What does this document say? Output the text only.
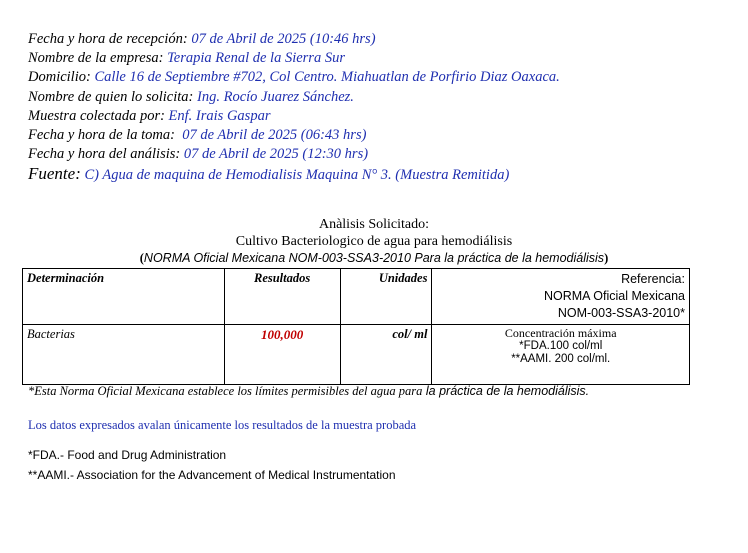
Fecha y hora de recepción: 07 de Abril de 2025 (10:46 hrs)
Nombre de la empresa: Terapia Renal de la Sierra Sur
Domicilio: Calle 16 de Septiembre #702, Col Centro. Miahuatlan de Porfirio Diaz Oaxaca.
Nombre de quien lo solicita: Ing. Rocío Juarez Sánchez.
Muestra colectada por: Enf. Irais Gaspar
Fecha y hora de la toma: 07 de Abril de 2025 (06:43 hrs)
Fecha y hora del análisis: 07 de Abril de 2025 (12:30 hrs)
Fuente: C) Agua de maquina de Hemodialisis Maquina N° 3. (Muestra Remitida)
Anàlisis Solicitado:
Cultivo Bacteriologico de agua para hemodiálisis
(NORMA Oficial Mexicana NOM-003-SSA3-2010 Para la práctica de la hemodiálisis)
Determinación	Resultados	Unidades	Referencia:
NORMA Oficial Mexicana
NOM-003-SSA3-2010*

Bacterias	100,000	col/ ml	Concentración máxima
*FDA.100 col/ml
**AAMI. 200 col/ml.
*Esta Norma Oficial Mexicana establece los límites permisibles del agua para la práctica de la hemodiálisis.
Los datos expresados avalan únicamente los resultados de la muestra probada
*FDA.- Food and Drug Administration
**AAMI.- Association for the Advancement of Medical Instrumentation
